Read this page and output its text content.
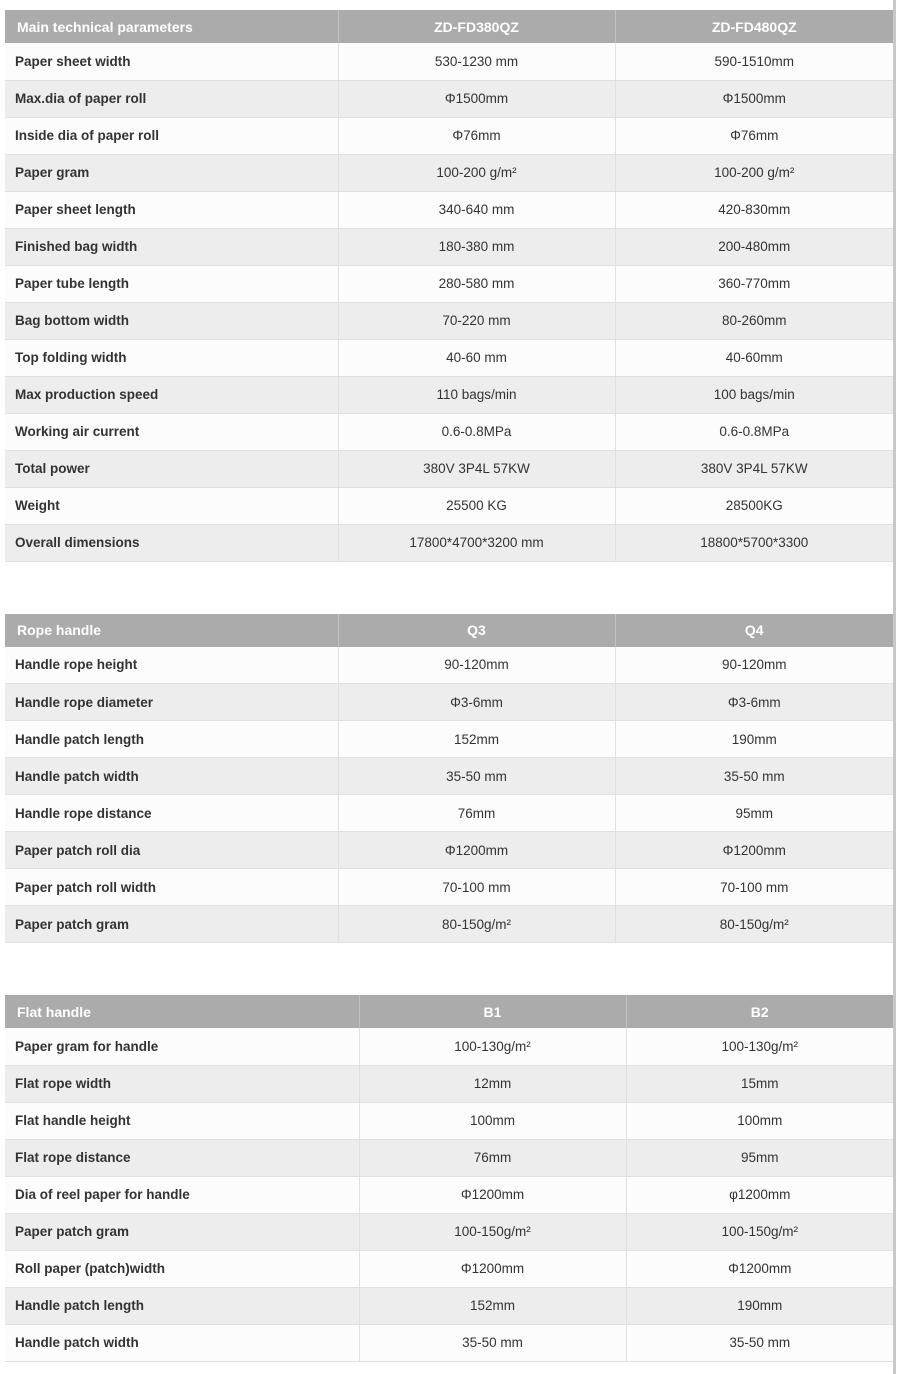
Main technical parameters	ZD-FD380QZ	ZD-FD480QZ
Paper sheet width	530-1230 mm	590-1510mm
Max.dia of paper roll	Φ1500mm	Φ1500mm
Inside dia of paper roll	Φ76mm	Φ76mm
Paper gram	100-200 g/m²	100-200 g/m²
Paper sheet length	340-640 mm	420-830mm
Finished bag width	180-380 mm	200-480mm
Paper tube length	280-580 mm	360-770mm
Bag bottom width	70-220 mm	80-260mm
Top folding width	40-60 mm	40-60mm
Max production speed	110 bags/min	100 bags/min
Working air current	0.6-0.8MPa	0.6-0.8MPa
Total power	380V 3P4L 57KW	380V 3P4L 57KW
Weight	25500 KG	28500KG
Overall dimensions	17800*4700*3200 mm	18800*5700*3300
Rope handle	Q3	Q4
Handle rope height	90-120mm	90-120mm
Handle rope diameter	Φ3-6mm	Φ3-6mm
Handle patch length	152mm	190mm
Handle patch width	35-50 mm	35-50 mm
Handle rope distance	76mm	95mm
Paper patch roll dia	Φ1200mm	Φ1200mm
Paper patch roll width	70-100 mm	70-100 mm
Paper patch gram	80-150g/m²	80-150g/m²
Flat handle	B1	B2
Paper gram for handle	100-130g/m²	100-130g/m²
Flat rope width	12mm	15mm
Flat handle height	100mm	100mm
Flat rope distance	76mm	95mm
Dia of reel paper for handle	Φ1200mm	φ1200mm
Paper patch gram	100-150g/m²	100-150g/m²
Roll paper (patch)width	Φ1200mm	Φ1200mm
Handle patch length	152mm	190mm
Handle patch width	35-50 mm	35-50 mm
